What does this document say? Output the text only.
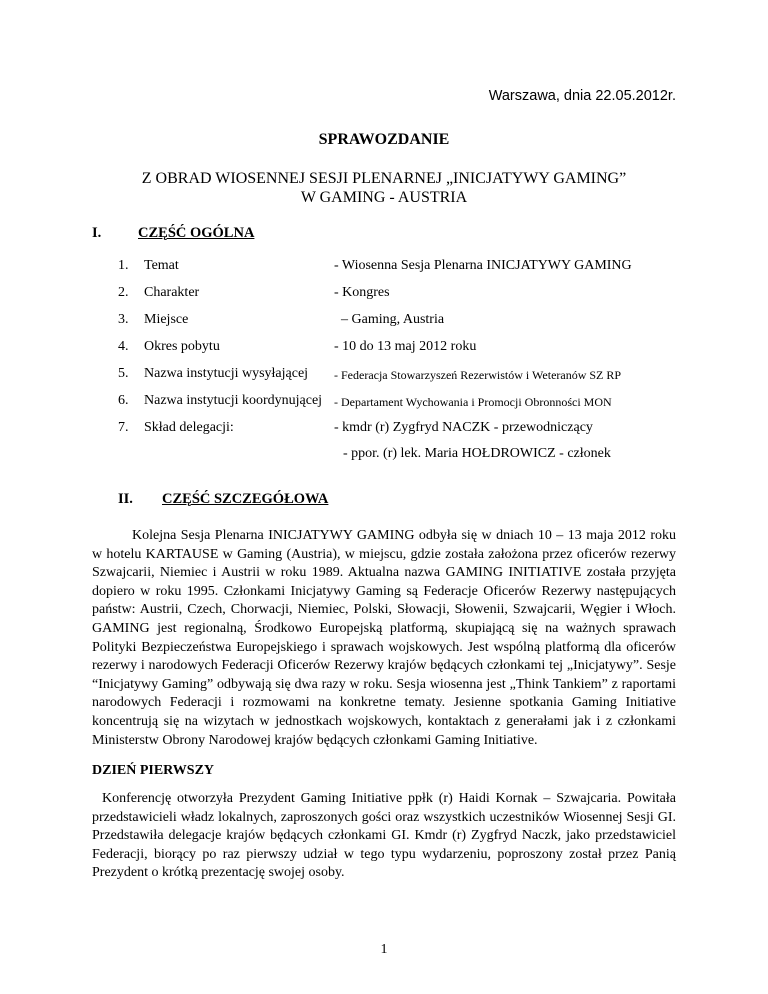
Warszawa, dnia 22.05.2012r.
SPRAWOZDANIE
Z OBRAD WIOSENNEJ SESJI PLENARNEJ „INICJATYWY GAMING”
W GAMING - AUSTRIA
I.	CZĘŚĆ OGÓLNA
1. Temat	- Wiosenna Sesja Plenarna INICJATYWY GAMING
2. Charakter	- Kongres
3. Miejsce	– Gaming, Austria
4. Okres pobytu	- 10 do 13 maj 2012 roku
5. Nazwa instytucji wysyłającej - Federacja Stowarzyszeń Rezerwistów i Weteranów SZ RP
6. Nazwa instytucji koordynującej - Departament Wychowania i Promocji Obronności MON
7. Skład delegacji:	- kmdr (r) Zygfryd NACZK - przewodniczący
- ppor. (r) lek. Maria HOŁDROWICZ - członek
II. CZĘŚĆ SZCZEGÓŁOWA

Kolejna Sesja Plenarna INICJATYWY GAMING odbyła się w dniach 10 – 13 maja 2012 roku w hotelu KARTAUSE w Gaming (Austria), w miejscu, gdzie została założona przez oficerów rezerwy Szwajcarii, Niemiec i Austrii w roku 1989. Aktualna nazwa GAMING INITIATIVE została przyjęta dopiero w roku 1995. Członkami Inicjatywy Gaming są Federacje Oficerów Rezerwy następujących państw: Austrii, Czech, Chorwacji, Niemiec, Polski, Słowacji, Słowenii, Szwajcarii, Węgier i Włoch. GAMING jest regionalną, Środkowo Europejską platformą, skupiającą się na ważnych sprawach Polityki Bezpieczeństwa Europejskiego i sprawach wojskowych. Jest wspólną platformą dla oficerów rezerwy i narodowych Federacji Oficerów Rezerwy krajów będących członkami tej „Inicjatywy”. Sesje “Inicjatywy Gaming” odbywają się dwa razy w roku. Sesja wiosenna jest „Think Tankiem” z raportami narodowych Federacji i rozmowami na konkretne tematy. Jesienne spotkania Gaming Initiative koncentrują się na wizytach w jednostkach wojskowych, kontaktach z generałami jak i z członkami Ministerstw Obrony Narodowej krajów będących członkami Gaming Initiative.

DZIEŃ PIERWSZY

Konferencję otworzyła Prezydent Gaming Initiative ppłk (r) Haidi Kornak – Szwajcaria. Powitała przedstawicieli władz lokalnych, zaproszonych gości oraz wszystkich uczestników Wiosennej Sesji GI. Przedstawiła delegacje krajów będących członkami GI. Kmdr (r) Zygfryd Naczk, jako przedstawiciel Federacji, biorący po raz pierwszy udział w tego typu wydarzeniu, poproszony został przez Panią Prezydent o krótką prezentację swojej osoby.

1
